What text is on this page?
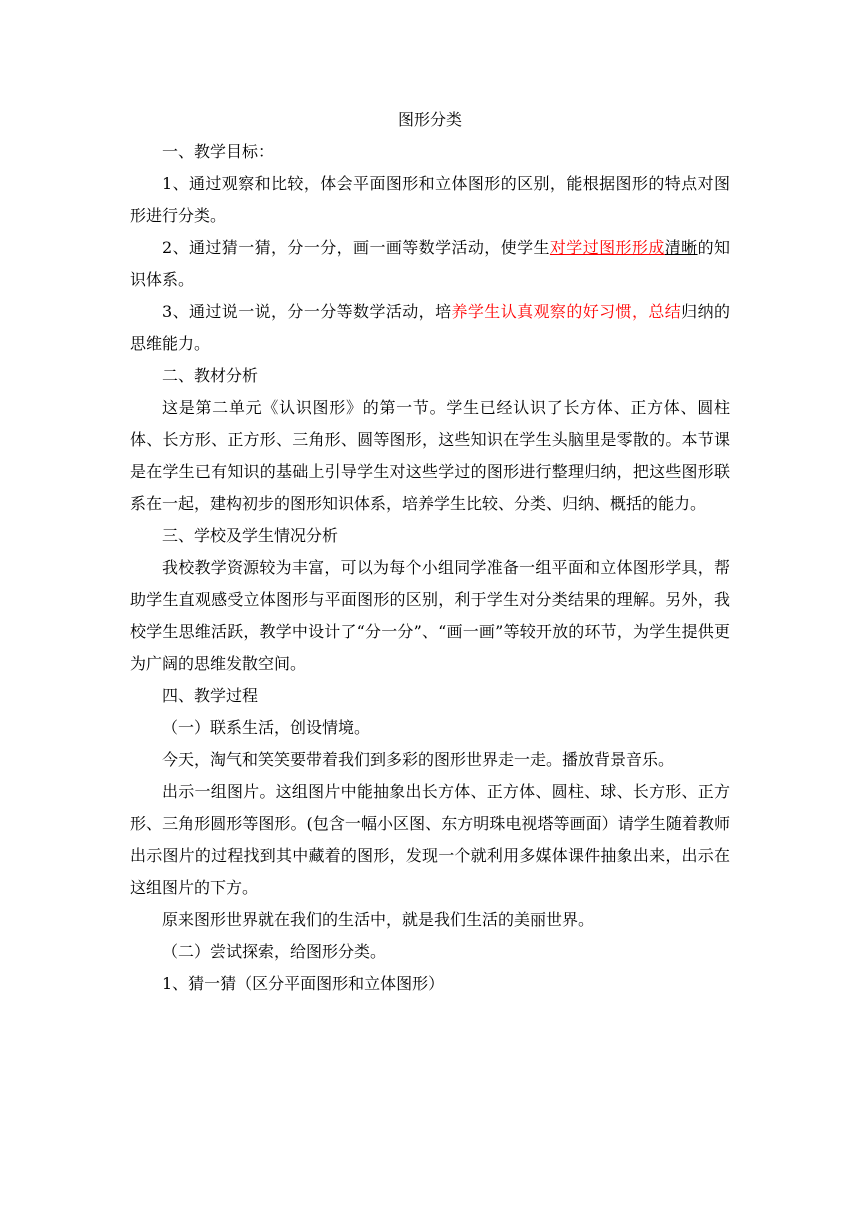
图形分类

一、教学目标：

1、通过观察和比较，体会平面图形和立体图形的区别，能根据图形的特点对图形进行分类。

2、通过猜一猜，分一分，画一画等数学活动，使学生对学过图形形成清晰的知识体系。

3、通过说一说，分一分等数学活动，培养学生认真观察的好习惯，总结归纳的思维能力。

二、教材分析

这是第二单元《认识图形》的第一节。学生已经认识了长方体、正方体、圆柱体、长方形、正方形、三角形、圆等图形，这些知识在学生头脑里是零散的。本节课是在学生已有知识的基础上引导学生对这些学过的图形进行整理归纳，把这些图形联系在一起，建构初步的图形知识体系，培养学生比较、分类、归纳、概括的能力。

三、学校及学生情况分析

我校教学资源较为丰富，可以为每个小组同学准备一组平面和立体图形学具，帮助学生直观感受立体图形与平面图形的区别，利于学生对分类结果的理解。另外，我校学生思维活跃，教学中设计了“分一分”、“画一画”等较开放的环节，为学生提供更为广阔的思维发散空间。

四、教学过程

（一）联系生活，创设情境。

今天，淘气和笑笑要带着我们到多彩的图形世界走一走。播放背景音乐。

出示一组图片。这组图片中能抽象出长方体、正方体、圆柱、球、长方形、正方形、三角形圆形等图形。(包含一幅小区图、东方明珠电视塔等画面）请学生随着教师出示图片的过程找到其中藏着的图形，发现一个就利用多媒体课件抽象出来，出示在这组图片的下方。

原来图形世界就在我们的生活中，就是我们生活的美丽世界。

（二）尝试探索，给图形分类。

1、猜一猜（区分平面图形和立体图形）
